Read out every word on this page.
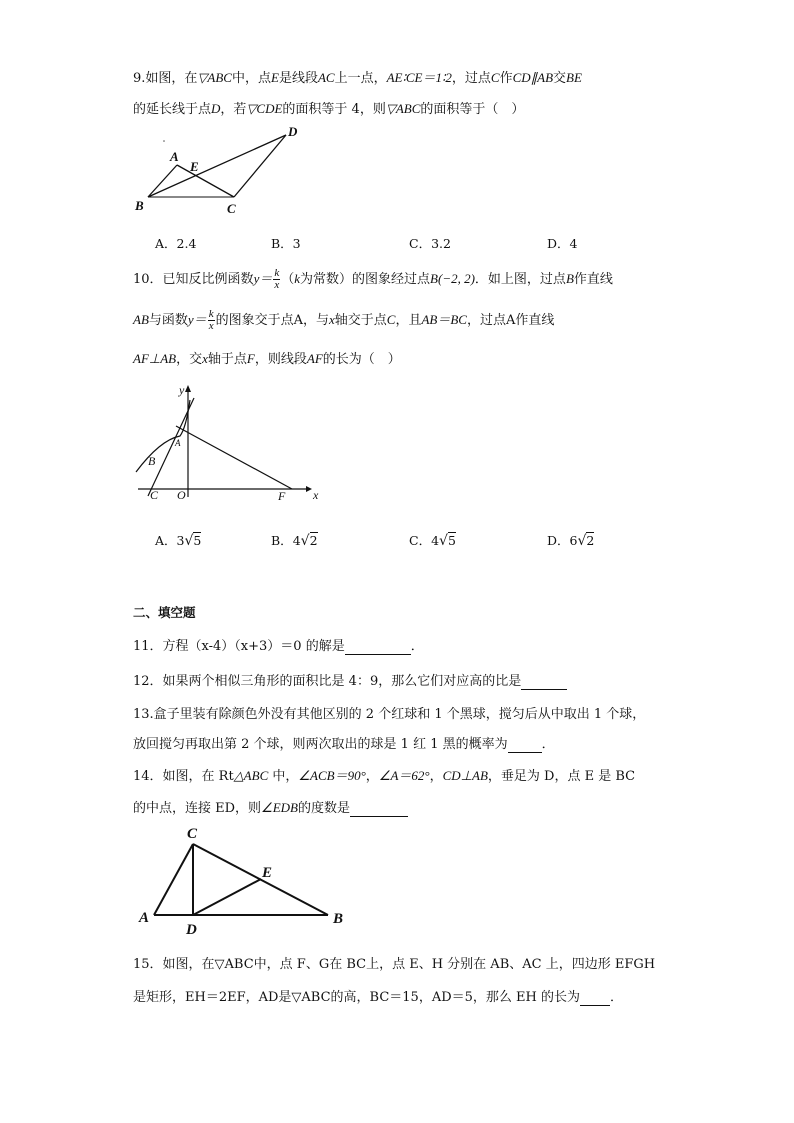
9.如图，在▽ABC中，点E是线段AC上一点，AE∶CE＝1∶2，过点C作CD∥AB交BE
的延长线于点D，若▽CDE的面积等于 4，则▽ABC的面积等于（　）
A
B	C
D
E
A．2.4	B．3	C．3.2	D．4
10．已知反比例函数$y= \frac{k}{x} (k$为常数）的图象经过点B(−2, 2)．如上图，过点B作直线
AB与函数$y= \frac{k}{x}$ 的图象交于点A，与x轴交于点C，且AB＝BC，过点A作直线
AF⊥AB，交x轴于点F，则线段AF的长为（　）
y
x
A
B
C O	F
A．3√5	B．4√2	C．4√5	D．6√2
二、填空题
11．方程（x-4）（x+3）＝0 的解是	．
12．如果两个相似三角形的面积比是 4：9，那么它们对应高的比是
13.盒子里装有除颜色外没有其他区别的 2 个红球和 1 个黑球，搅匀后从中取出 1 个球，
放回搅匀再取出第 2 个球，则两次取出的球是 1 红 1 黑的概率为	．
14．如图，在 Rt△ABC 中，∠ACB＝90°，∠A＝62°，CD⊥AB，垂足为 D，点 E 是 BC
的中点，连接 ED，则∠EDB的度数是
C
A
D
E
B
15．如图，在▽ABC中，点 F、G在 BC上，点 E、H 分别在 AB、AC 上，四边形 EFGH
是矩形，EH＝2EF，AD是▽ABC的高，BC＝15，AD＝5，那么 EH 的长为 ．
